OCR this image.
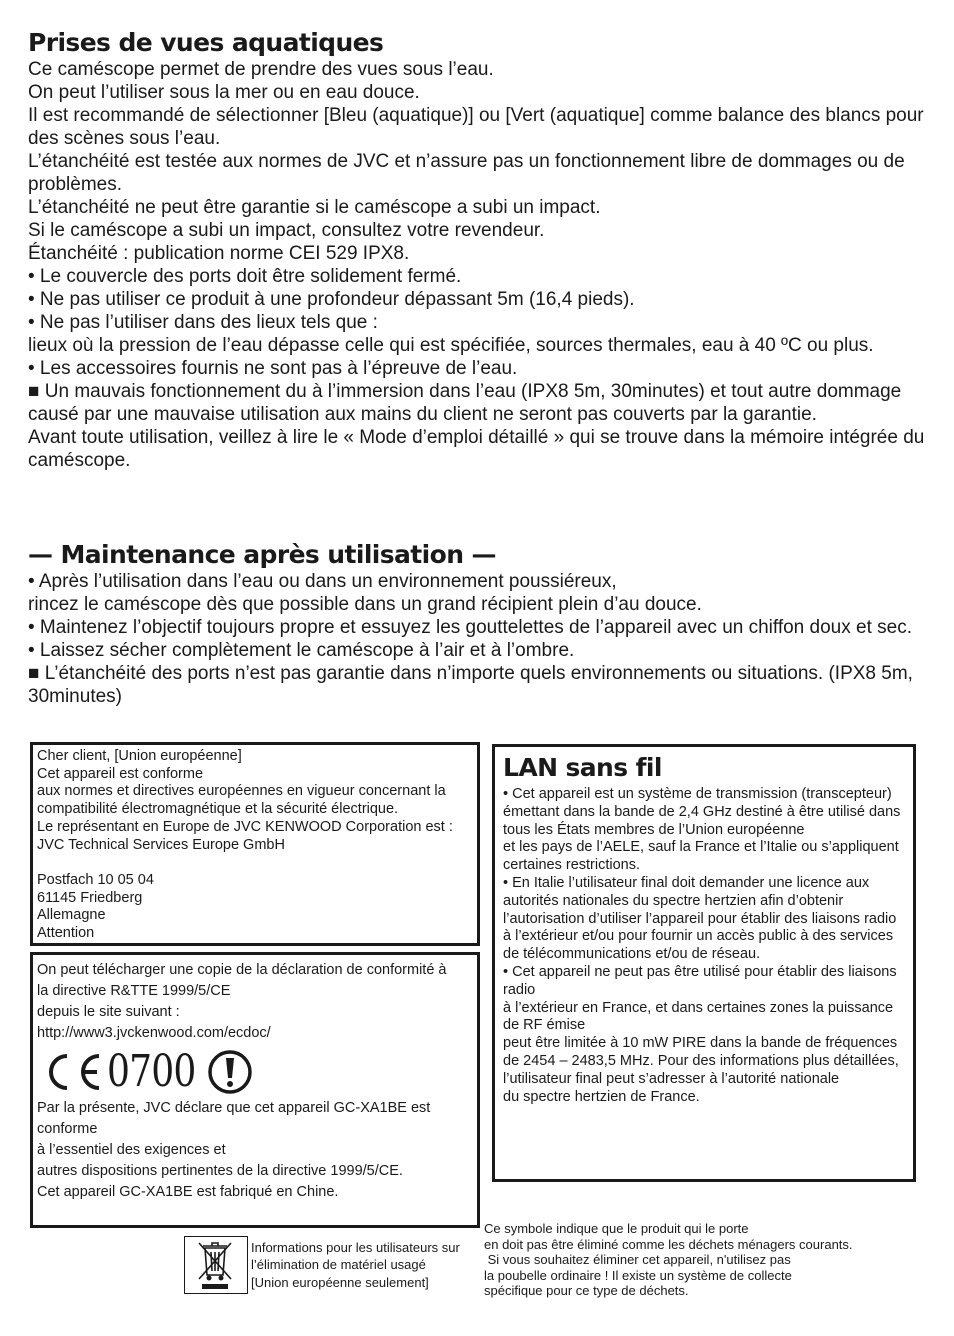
Prises de vues aquatiques

Ce caméscope permet de prendre des vues sous l’eau.

On peut l’utiliser sous la mer ou en eau douce.

Il est recommandé de sélectionner [Bleu (aquatique)] ou [Vert (aquatique] comme balance des blancs pour des scènes sous l’eau.

L’étanchéité est testée aux normes de JVC et n’assure pas un fonctionnement libre de dommages ou de problèmes.

L’étanchéité ne peut être garantie si le caméscope a subi un impact.

Si le caméscope a subi un impact, consultez votre revendeur.

Étanchéité : publication norme CEI 529 IPX8.

• Le couvercle des ports doit être solidement fermé.

• Ne pas utiliser ce produit à une profondeur dépassant 5m (16,4 pieds).

• Ne pas l’utiliser dans des lieux tels que :

lieux où la pression de l’eau dépasse celle qui est spécifiée, sources thermales, eau à 40 ºC ou plus.

• Les accessoires fournis ne sont pas à l’épreuve de l’eau.

■ Un mauvais fonctionnement du à l’immersion dans l’eau (IPX8 5m, 30minutes) et tout autre dommage causé par une mauvaise utilisation aux mains du client ne seront pas couverts par la garantie.

Avant toute utilisation, veillez à lire le « Mode d’emploi détaillé » qui se trouve dans la mémoire intégrée du caméscope.

— Maintenance après utilisation —

• Après l’utilisation dans l’eau ou dans un environnement poussiéreux,

rincez le caméscope dès que possible dans un grand récipient plein d’au douce.

• Maintenez l’objectif toujours propre et essuyez les gouttelettes de l’appareil avec un chiffon doux et sec.

• Laissez sécher complètement le caméscope à l’air et à l’ombre.

■ L’étanchéité des ports n’est pas garantie dans n’importe quels environnements ou situations. (IPX8 5m, 30minutes)

Cher client, [Union européenne]

Cet appareil est conforme

aux normes et directives européennes en vigueur concernant la compatibilité électromagnétique et la sécurité électrique.

Le représentant en Europe de JVC KENWOOD Corporation est : JVC Technical Services Europe GmbH

Postfach 10 05 04

61145 Friedberg

Allemagne

Attention

On peut télécharger une copie de la déclaration de conformité à

la directive R&TTE 1999/5/CE

depuis le site suivant :

http://www3.jvckenwood.com/ecdoc/

0700

Par la présente, JVC déclare que cet appareil GC-XA1BE est conforme

à l’essentiel des exigences et

autres dispositions pertinentes de la directive 1999/5/CE.

Cet appareil GC-XA1BE est fabriqué en Chine.

LAN sans fil

• Cet appareil est un système de transmission (transcepteur) émettant dans la bande de 2,4 GHz destiné à être utilisé dans tous les États membres de l’Union européenne

et les pays de l’AELE, sauf la France et l’Italie ou s’appliquent certaines restrictions.

• En Italie l’utilisateur final doit demander une licence aux autorités nationales du spectre hertzien afin d’obtenir l’autorisation d’utiliser l’appareil pour établir des liaisons radio à l’extérieur et/ou pour fournir un accès public à des services

de télécommunications et/ou de réseau.

• Cet appareil ne peut pas être utilisé pour établir des liaisons radio

à l’extérieur en France, et dans certaines zones la puissance de RF émise

peut être limitée à 10 mW PIRE dans la bande de fréquences

de 2454 – 2483,5 MHz. Pour des informations plus détaillées,

l’utilisateur final peut s’adresser à l’autorité nationale

du spectre hertzien de France.

Informations pour les utilisateurs sur

l’élimination de matériel usagé

[Union européenne seulement]

Ce symbole indique que le produit qui le porte

en doit pas être éliminé comme les déchets ménagers courants.

Si vous souhaitez éliminer cet appareil, n'utilisez pas

la poubelle ordinaire ! Il existe un système de collecte

spécifique pour ce type de déchets.
